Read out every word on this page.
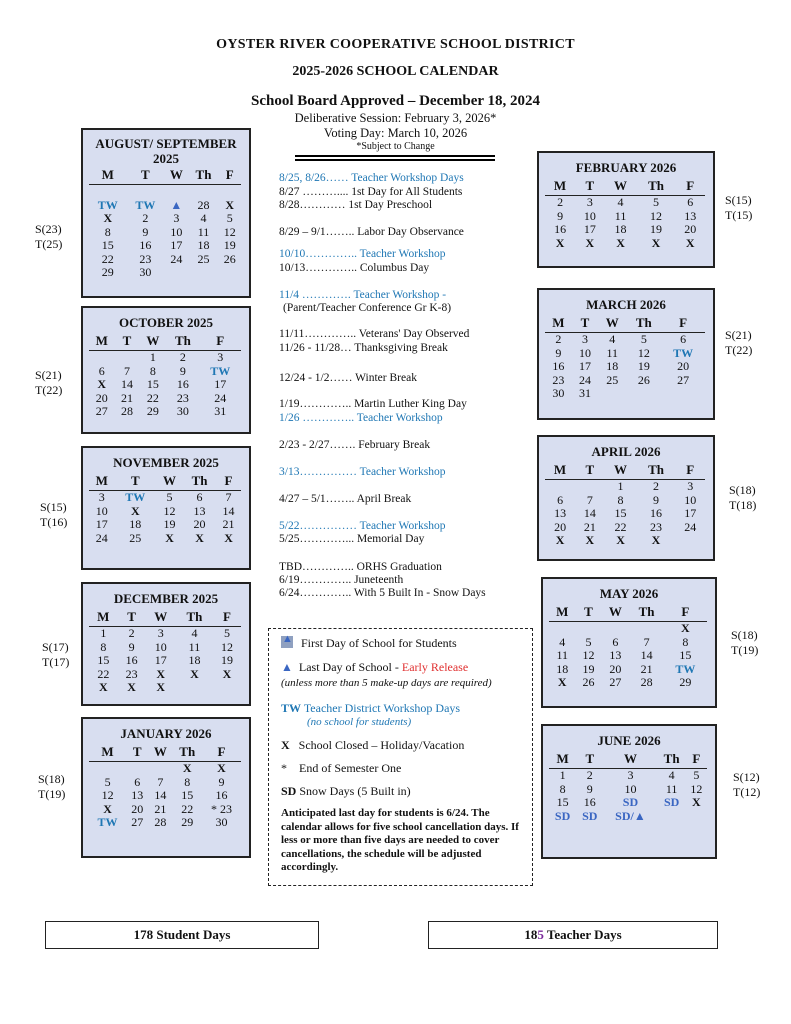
OYSTER RIVER COOPERATIVE SCHOOL DISTRICT
2025-2026 SCHOOL CALENDAR
School Board Approved – December 18, 2024
Deliberative Session: February 3, 2026*
Voting Day: March 10, 2026
*Subject to Change
AUGUST/ SEPTEMBER 2025
M	T	W	Th	F

TW	TW	▲	28	X
X	2	3	4	5
8	9	10	11	12
15	16	17	18	19
22	23	24	25	26
29	30			
S(23)
T(25)
OCTOBER 2025
M	T	W	Th	F
		1	2	3
6	7	8	9	TW
X	14	15	16	17
20	21	22	23	24
27	28	29	30	31
S(21)
T(22)
NOVEMBER 2025
M	T	W	Th	F
3	TW	5	6	7
10	X	12	13	14
17	18	19	20	21
24	25	X	X	X
S(15)
T(16)
DECEMBER 2025
M	T	W	Th	F
1	2	3	4	5
8	9	10	11	12
15	16	17	18	19
22	23	X	X	X
X	X	X		
S(17)
T(17)
JANUARY 2026
M	T	W	Th	F
			X	X
5	6	7	8	9
12	13	14	15	16
X	20	21	22	* 23
TW	27	28	29	30
S(18)
T(19)
FEBRUARY 2026
M	T	W	Th	F
2	3	4	5	6
9	10	11	12	13
16	17	18	19	20
X	X	X	X	X
S(15)
T(15)
MARCH 2026
M	T	W	Th	F
2	3	4	5	6
9	10	11	12	TW
16	17	18	19	20
23	24	25	26	27
30	31			
S(21)
T(22)
APRIL 2026
M	T	W	Th	F
		1	2	3
6	7	8	9	10
13	14	15	16	17
20	21	22	23	24
X	X	X	X	
S(18)
T(18)
MAY 2026
M	T	W	Th	F
				X
4	5	6	7	8
11	12	13	14	15
18	19	20	21	TW
X	26	27	28	29
S(18)
T(19)
JUNE 2026
M	T	W	Th	F
1	2	3	4	5
8	9	10	11	12
15	16	SD	SD	X
SD	SD	SD/▲		
S(12)
T(12)
8/25, 8/26…… Teacher Workshop Days
8/27 ……….... 1st Day for All Students
8/28………… 1st Day Preschool
8/29 – 9/1…….. Labor Day Observance
10/10………….. Teacher Workshop
10/13………….. Columbus Day
11/4 …………. Teacher Workshop -
(Parent/Teacher Conference Gr K-8)
11/11………….. Veterans' Day Observed
11/26 - 11/28… Thanksgiving Break
12/24 - 1/2…… Winter Break
1/19………….. Martin Luther King Day
1/26 ………….. Teacher Workshop
2/23 - 2/27……. February Break
3/13…………… Teacher Workshop
4/27 – 5/1…….. April Break
5/22…………… Teacher Workshop
5/25…………... Memorial Day
TBD………….. ORHS Graduation
6/19………….. Juneteenth
6/24………….. With 5 Built In - Snow Days
▲ First Day of School for Students
▲ Last Day of School - Early Release
(unless more than 5 make-up days are required)
TW Teacher District Workshop Days
(no school for students)
X School Closed – Holiday/Vacation
* End of Semester One
SD Snow Days (5 Built in)
Anticipated last day for students is 6/24. The calendar allows for five school cancellation days. If less or more than five days are needed to cover cancellations, the schedule will be adjusted accordingly.
178 Student Days	185 Teacher Days
